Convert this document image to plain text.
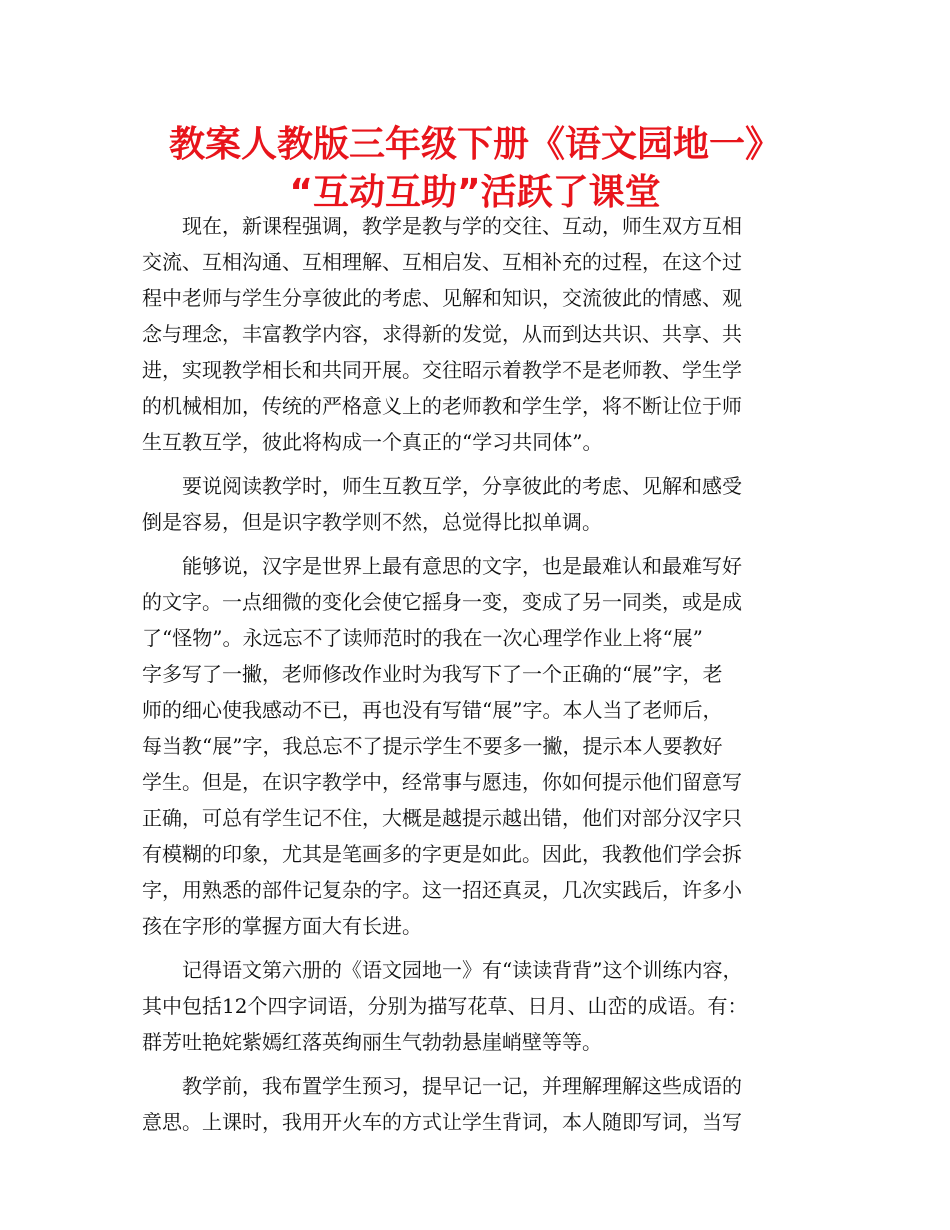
教案人教版三年级下册《语文园地一》
“互动互助”活跃了课堂
现在，新课程强调，教学是教与学的交往、互动，师生双方互相
交流、互相沟通、互相理解、互相启发、互相补充的过程，在这个过
程中老师与学生分享彼此的考虑、见解和知识，交流彼此的情感、观
念与理念，丰富教学内容，求得新的发觉，从而到达共识、共享、共
进，实现教学相长和共同开展。交往昭示着教学不是老师教、学生学
的机械相加，传统的严格意义上的老师教和学生学，将不断让位于师
生互教互学，彼此将构成一个真正的“学习共同体”。
要说阅读教学时，师生互教互学，分享彼此的考虑、见解和感受
倒是容易，但是识字教学则不然，总觉得比拟单调。
能够说，汉字是世界上最有意思的文字，也是最难认和最难写好
的文字。一点细微的变化会使它摇身一变，变成了另一同类，或是成
了“怪物”。永远忘不了读师范时的我在一次心理学作业上将“展”
字多写了一撇，老师修改作业时为我写下了一个正确的“展”字，老
师的细心使我感动不已，再也没有写错“展”字。本人当了老师后，
每当教“展”字，我总忘不了提示学生不要多一撇，提示本人要教好
学生。但是，在识字教学中，经常事与愿违，你如何提示他们留意写
正确，可总有学生记不住，大概是越提示越出错，他们对部分汉字只
有模糊的印象，尤其是笔画多的字更是如此。因此，我教他们学会拆
字，用熟悉的部件记复杂的字。这一招还真灵，几次实践后，许多小
孩在字形的掌握方面大有长进。
记得语文第六册的《语文园地一》有“读读背背”这个训练内容，
其中包括12个四字词语，分别为描写花草、日月、山峦的成语。有：
群芳吐艳姹紫嫣红落英绚丽生气勃勃悬崖峭壁等等。
教学前，我布置学生预习，提早记一记，并理解理解这些成语的
意思。上课时，我用开火车的方式让学生背词，本人随即写词，当写
